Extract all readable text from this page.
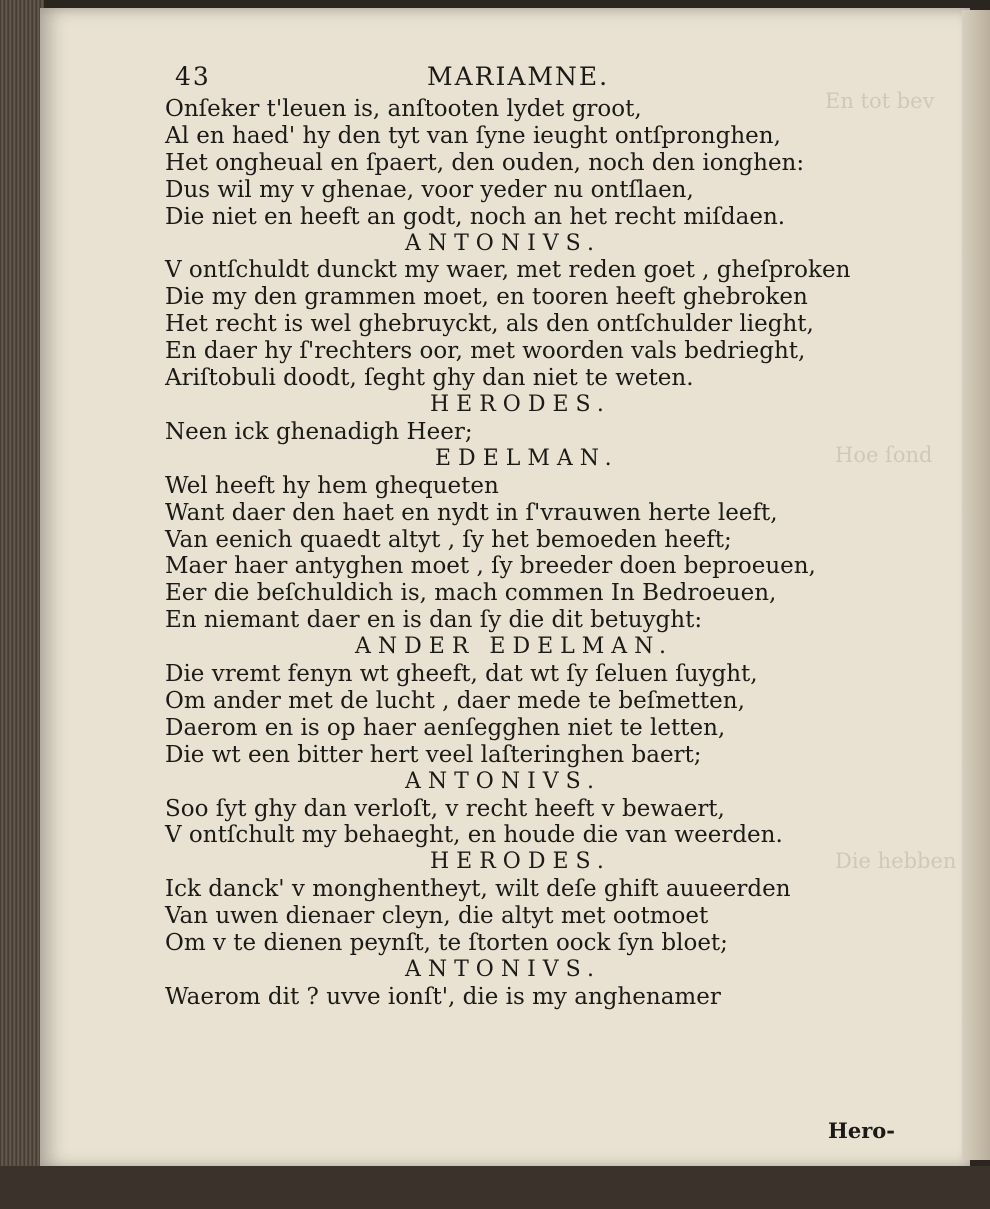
En tot bev
Hoe ſond
Die hebben
43	MARIAMNE.
Onſeker t'leuen is, anſtooten lydet groot,
Al en haed' hy den tyt van ſyne ieught ontſpronghen,
Het ongheual en ſpaert, den ouden, noch den ionghen:
Dus wil my v ghenae, voor yeder nu ontſlaen,
Die niet en heeft an godt, noch an het recht miſdaen.
ANTONIVS.
V ontſchuldt dunckt my waer, met reden goet , gheſproken
Die my den grammen moet, en tooren heeft ghebroken
Het recht is wel ghebruyckt, als den ontſchulder lieght,
En daer hy ſ'rechters oor, met woorden vals bedrieght,
Ariſtobuli doodt, ſeght ghy dan niet te weten.
HERODES.
Neen ick ghenadigh Heer;
EDELMAN.
Wel heeft hy hem ghequeten
Want daer den haet en nydt in ſ'vrauwen herte leeft,
Van eenich quaedt altyt , ſy het bemoeden heeft;
Maer haer antyghen moet , ſy breeder doen beproeuen,
Eer die beſchuldich is, mach commen In Bedroeuen,
En niemant daer en is dan ſy die dit betuyght:
ANDER EDELMAN.
Die vremt fenyn wt gheeft, dat wt ſy ſeluen ſuyght,
Om ander met de lucht , daer mede te beſmetten,
Daerom en is op haer aenſegghen niet te letten,
Die wt een bitter hert veel laſteringhen baert;
ANTONIVS.
Soo ſyt ghy dan verloſt, v recht heeft v bewaert,
V ontſchult my behaeght, en houde die van weerden.
HERODES.
Ick danck' v monghentheyt, wilt deſe ghift auueerden
Van uwen dienaer cleyn, die altyt met ootmoet
Om v te dienen peynſt, te ſtorten oock ſyn bloet;
ANTONIVS.
Waerom dit ? uvve ionſt', die is my anghenamer
Hero-
